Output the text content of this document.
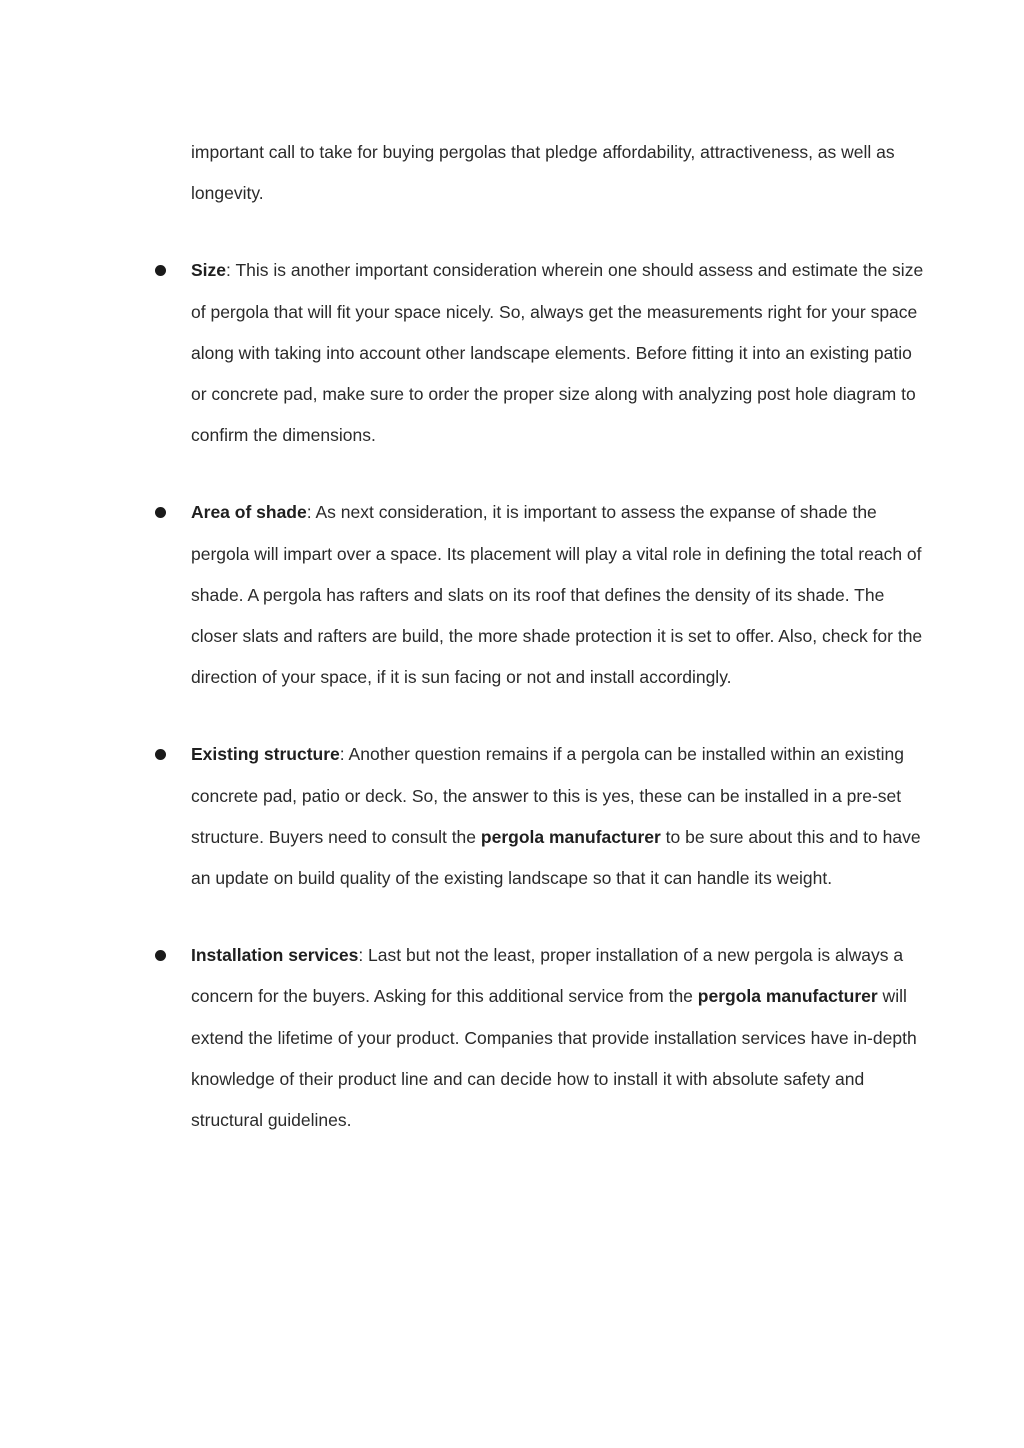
important call to take for buying pergolas that pledge affordability, attractiveness, as well as longevity.

Size: This is another important consideration wherein one should assess and estimate the size of pergola that will fit your space nicely. So, always get the measurements right for your space along with taking into account other landscape elements. Before fitting it into an existing patio or concrete pad, make sure to order the proper size along with analyzing post hole diagram to confirm the dimensions.

Area of shade: As next consideration, it is important to assess the expanse of shade the pergola will impart over a space. Its placement will play a vital role in defining the total reach of shade. A pergola has rafters and slats on its roof that defines the density of its shade. The closer slats and rafters are build, the more shade protection it is set to offer. Also, check for the direction of your space, if it is sun facing or not and install accordingly.

Existing structure: Another question remains if a pergola can be installed within an existing concrete pad, patio or deck. So, the answer to this is yes, these can be installed in a pre-set structure. Buyers need to consult the pergola manufacturer to be sure about this and to have an update on build quality of the existing landscape so that it can handle its weight.

Installation services: Last but not the least, proper installation of a new pergola is always a concern for the buyers. Asking for this additional service from the pergola manufacturer will extend the lifetime of your product. Companies that provide installation services have in-depth knowledge of their product line and can decide how to install it with absolute safety and structural guidelines.
